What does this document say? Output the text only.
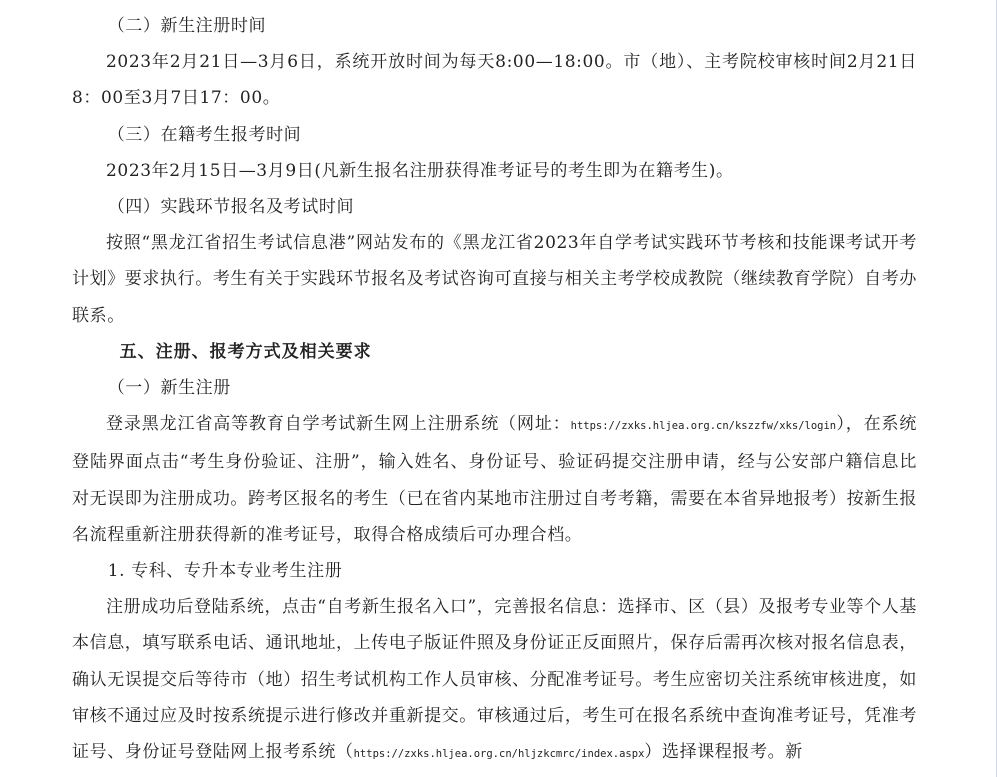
（二）新生注册时间

2023年2月21日—3月6日，系统开放时间为每天8:00—18:00。市（地）、主考院校审核时间2月21日8：00至3月7日17：00。

（三）在籍考生报考时间

2023年2月15日—3月9日(凡新生报名注册获得准考证号的考生即为在籍考生)。

（四）实践环节报名及考试时间

按照“黑龙江省招生考试信息港”网站发布的《黑龙江省2023年自学考试实践环节考核和技能课考试开考计划》要求执行。考生有关于实践环节报名及考试咨询可直接与相关主考学校成教院（继续教育学院）自考办联系。

五、注册、报考方式及相关要求

（一）新生注册

登录黑龙江省高等教育自学考试新生网上注册系统（网址：https://zxks.hljea.org.cn/kszzfw/xks/login），在系统登陆界面点击“考生身份验证、注册”，输入姓名、身份证号、验证码提交注册申请，经与公安部户籍信息比对无误即为注册成功。跨考区报名的考生（已在省内某地市注册过自考考籍，需要在本省异地报考）按新生报名流程重新注册获得新的准考证号，取得合格成绩后可办理合档。

1. 专科、专升本专业考生注册

注册成功后登陆系统，点击“自考新生报名入口”，完善报名信息：选择市、区（县）及报考专业等个人基本信息，填写联系电话、通讯地址，上传电子版证件照及身份证正反面照片，保存后需再次核对报名信息表，确认无误提交后等待市（地）招生考试机构工作人员审核、分配准考证号。考生应密切关注系统审核进度，如审核不通过应及时按系统提示进行修改并重新提交。审核通过后，考生可在报名系统中查询准考证号，凭准考证号、身份证号登陆网上报考系统（https://zxks.hljea.org.cn/hljzkcmrc/index.aspx）选择课程报考。新
